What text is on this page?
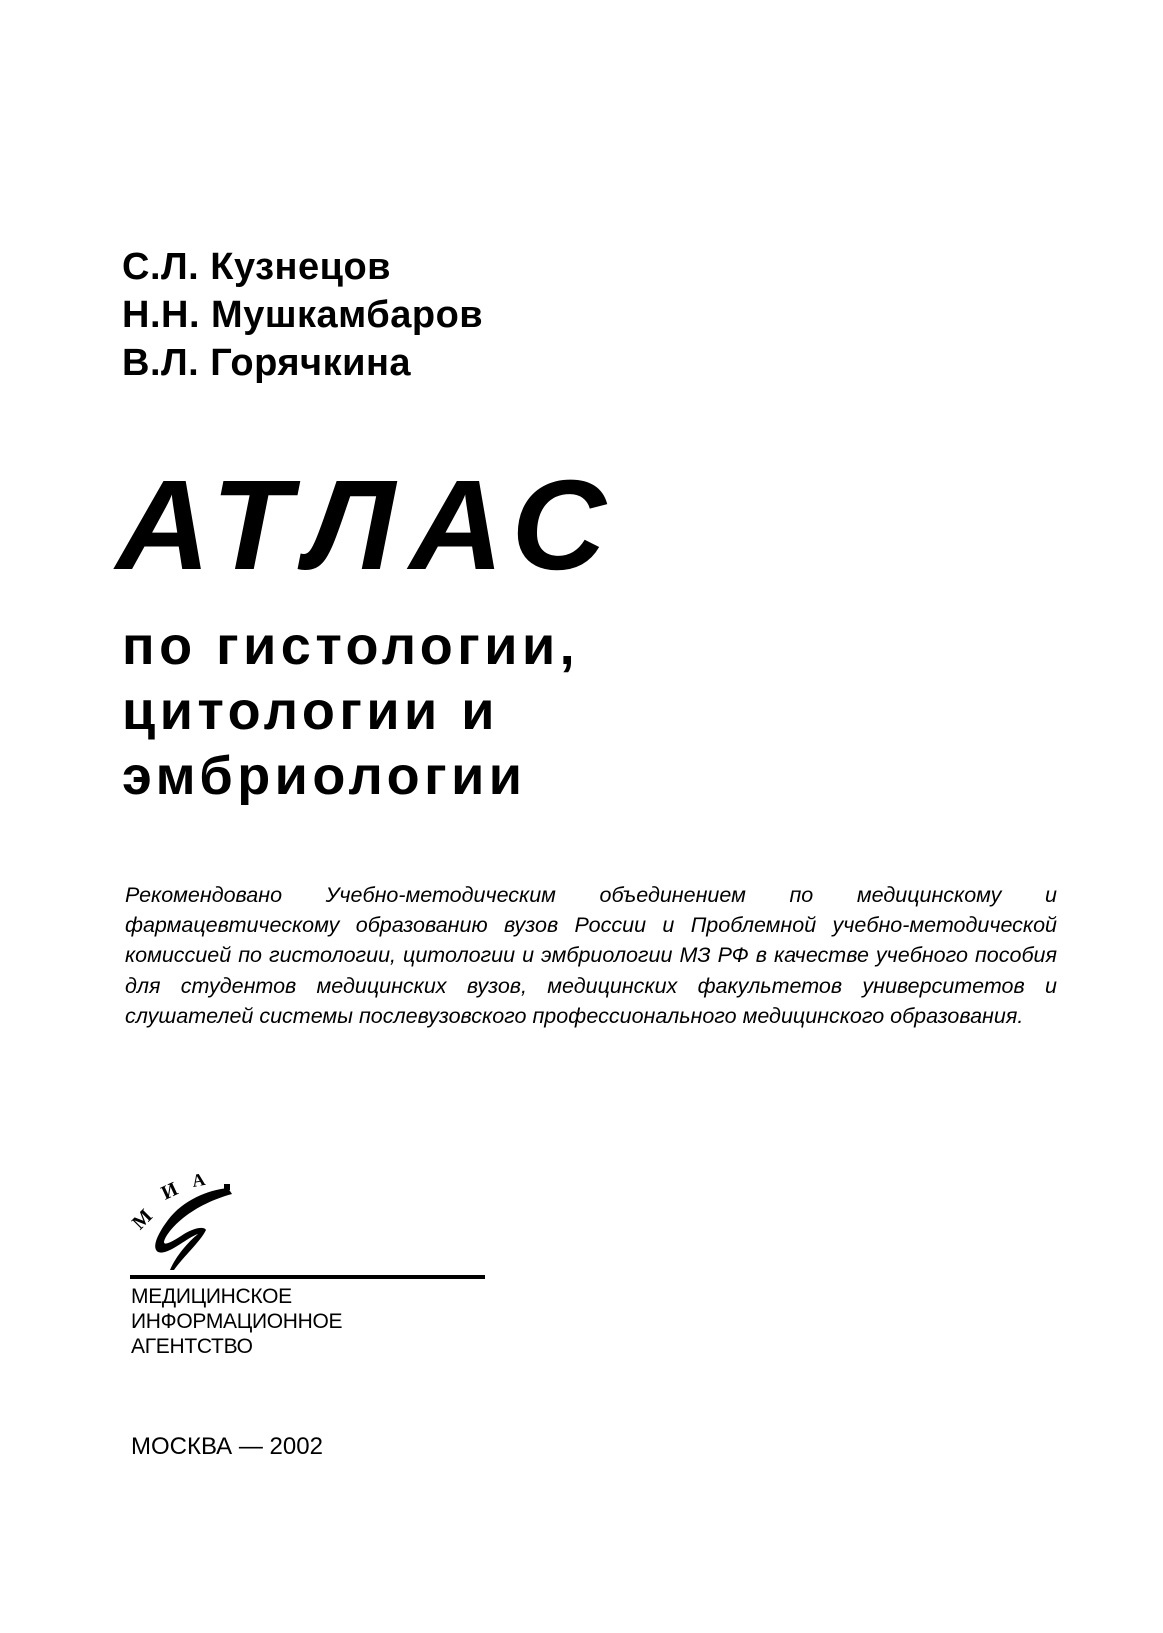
С.Л. Кузнецов
Н.Н. Мушкамбаров
В.Л. Горячкина
АТЛАС
по гистологии,
цитологии и
эмбриологии
Рекомендовано Учебно-методическим объединением по медицинскому и фармацевтическому образованию вузов России и Проблемной учебно-методической комиссией по гистологии, цитологии и эмбриологии МЗ РФ в качестве учебного пособия для студентов медицинских вузов, медицинских факультетов университетов и слушателей системы послевузовского профессионального медицинского образования.
М
И А
МЕДИЦИНСКОЕ
ИНФОРМАЦИОННОЕ
АГЕНТСТВО
МОСКВА — 2002
